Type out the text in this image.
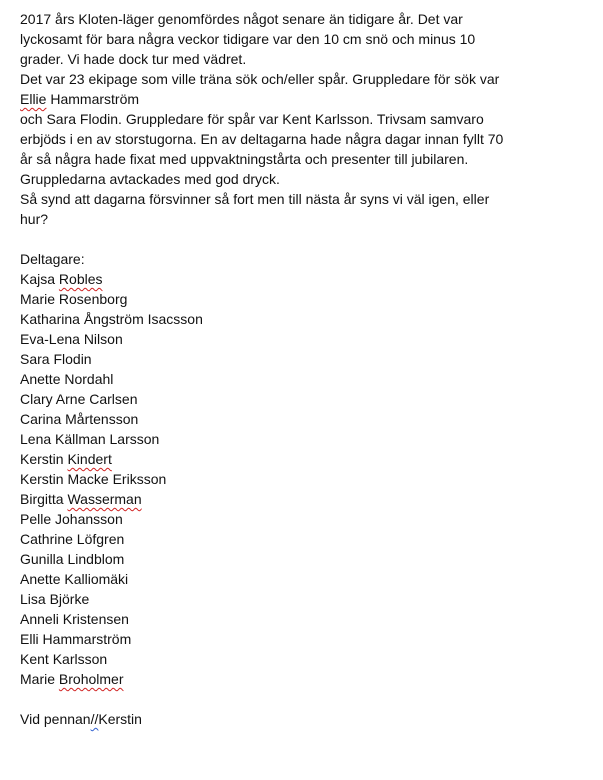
2017 års Kloten-läger genomfördes något senare än tidigare år. Det var
lyckosamt för bara några veckor tidigare var den 10 cm snö och minus 10
grader. Vi hade dock tur med vädret.
Det var 23 ekipage som ville träna sök och/eller spår. Gruppledare för sök var
Ellie Hammarström
och Sara Flodin. Gruppledare för spår var Kent Karlsson. Trivsam samvaro
erbjöds i en av storstugorna. En av deltagarna hade några dagar innan fyllt 70
år så några hade fixat med uppvaktningstårta och presenter till jubilaren.
Gruppledarna avtackades med god dryck.
Så synd att dagarna försvinner så fort men till nästa år syns vi väl igen, eller
hur?
Deltagare:
Kajsa Robles
Marie Rosenborg
Katharina Ångström Isacsson
Eva-Lena Nilson
Sara Flodin
Anette Nordahl
Clary Arne Carlsen
Carina Mårtensson
Lena Källman Larsson
Kerstin Kindert
Kerstin Macke Eriksson
Birgitta Wasserman
Pelle Johansson
Cathrine Löfgren
Gunilla Lindblom
Anette Kalliomäki
Lisa Björke
Anneli Kristensen
Elli Hammarström
Kent Karlsson
Marie Broholmer
Vid pennan//Kerstin
